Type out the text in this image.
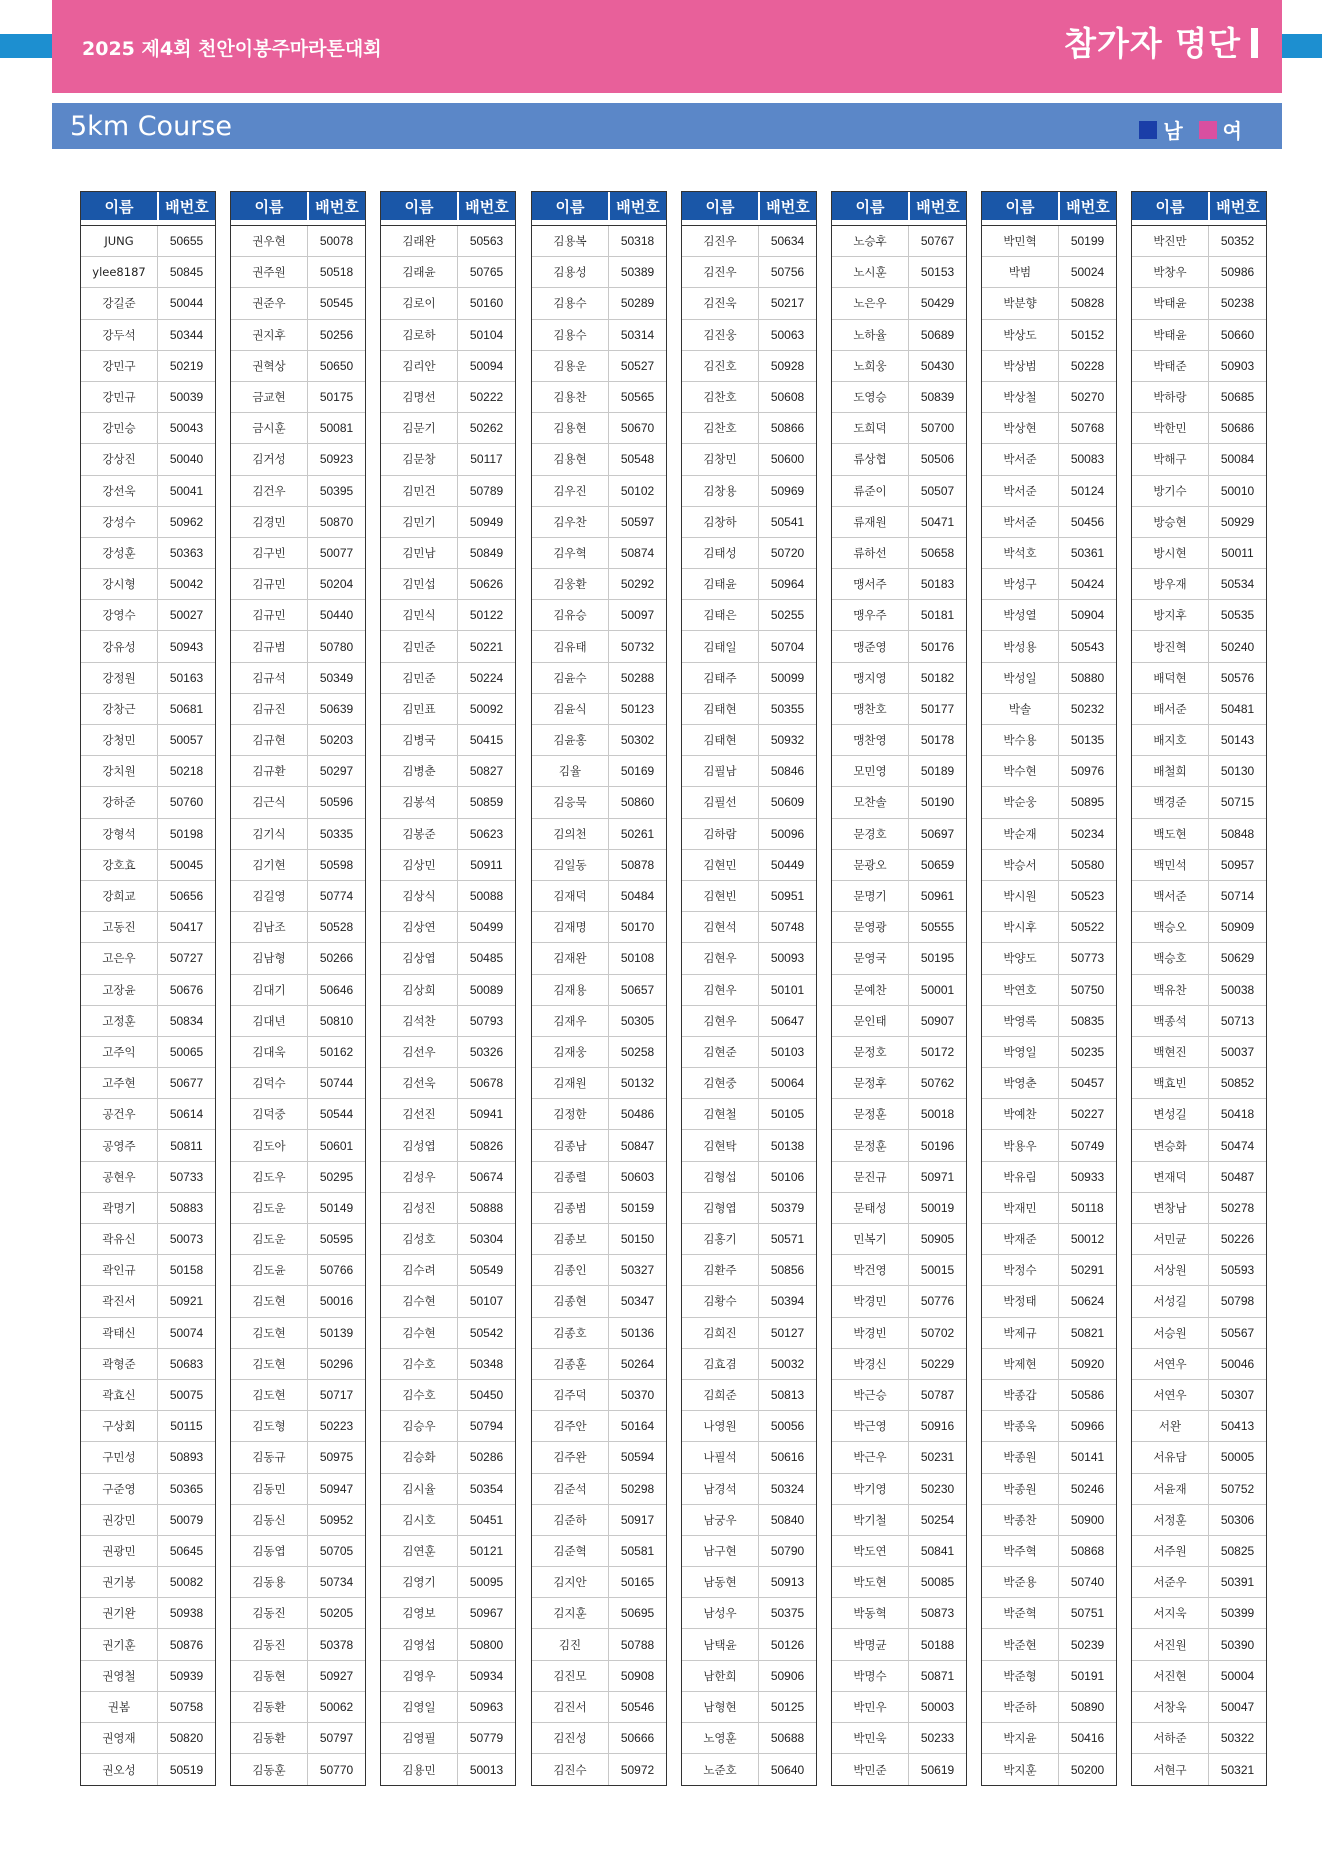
2025 제4회 천안이봉주마라톤대회	참가자 명단
5km Course	남 여
이름	배번호
JUNG	50655
ylee8187	50845
강길준	50044
강두석	50344
강민구	50219
강민규	50039
강민승	50043
강상진	50040
강선욱	50041
강성수	50962
강성훈	50363
강시형	50042
강영수	50027
강유성	50943
강정원	50163
강창근	50681
강청민	50057
강치원	50218
강하준	50760
강형석	50198
강호효	50045
강희교	50656
고동진	50417
고은우	50727
고장윤	50676
고정훈	50834
고주익	50065
고주현	50677
공건우	50614
공영주	50811
공현우	50733
곽명기	50883
곽유신	50073
곽인규	50158
곽진서	50921
곽태신	50074
곽형준	50683
곽효신	50075
구상회	50115
구민성	50893
구준영	50365
권강민	50079
권광민	50645
권기봉	50082
권기완	50938
권기훈	50876
권영철	50939
권봄	50758
권영재	50820
권오성	50519
이름	배번호
권우현	50078
권주원	50518
권준우	50545
권지후	50256
권혁상	50650
금교현	50175
금시훈	50081
김거성	50923
김건우	50395
김경민	50870
김구빈	50077
김규민	50204
김규민	50440
김규범	50780
김규석	50349
김규진	50639
김규현	50203
김규환	50297
김근식	50596
김기식	50335
김기현	50598
김길영	50774
김남조	50528
김남형	50266
김대기	50646
김대년	50810
김대욱	50162
김덕수	50744
김덕중	50544
김도아	50601
김도우	50295
김도운	50149
김도운	50595
김도윤	50766
김도현	50016
김도현	50139
김도현	50296
김도현	50717
김도형	50223
김동규	50975
김동민	50947
김동신	50952
김동엽	50705
김동용	50734
김동진	50205
김동진	50378
김동현	50927
김동환	50062
김동환	50797
김동훈	50770
이름	배번호
김래완	50563
김래윤	50765
김로이	50160
김로하	50104
김리안	50094
김명선	50222
김문기	50262
김문창	50117
김민건	50789
김민기	50949
김민남	50849
김민섭	50626
김민식	50122
김민준	50221
김민준	50224
김민표	50092
김병국	50415
김병춘	50827
김봉석	50859
김봉준	50623
김상민	50911
김상식	50088
김상연	50499
김상엽	50485
김상희	50089
김석찬	50793
김선우	50326
김선욱	50678
김선진	50941
김성엽	50826
김성우	50674
김성진	50888
김성호	50304
김수려	50549
김수현	50107
김수현	50542
김수호	50348
김수호	50450
김승우	50794
김승화	50286
김시율	50354
김시호	50451
김연훈	50121
김영기	50095
김영보	50967
김영섭	50800
김영우	50934
김영일	50963
김영필	50779
김용민	50013
이름	배번호
김용복	50318
김용성	50389
김용수	50289
김용수	50314
김용운	50527
김용찬	50565
김용현	50670
김용현	50548
김우진	50102
김우찬	50597
김우혁	50874
김웅환	50292
김유승	50097
김유태	50732
김윤수	50288
김윤식	50123
김윤홍	50302
김율	50169
김응묵	50860
김의천	50261
김일동	50878
김재덕	50484
김재명	50170
김재완	50108
김재용	50657
김재우	50305
김재웅	50258
김재원	50132
김정한	50486
김종남	50847
김종렬	50603
김종범	50159
김종보	50150
김종인	50327
김종현	50347
김종호	50136
김종훈	50264
김주덕	50370
김주안	50164
김주완	50594
김준석	50298
김준하	50917
김준혁	50581
김지안	50165
김지훈	50695
김진	50788
김진모	50908
김진서	50546
김진성	50666
김진수	50972
이름	배번호
김진우	50634
김진우	50756
김진욱	50217
김진웅	50063
김진호	50928
김찬호	50608
김찬호	50866
김창민	50600
김창용	50969
김창하	50541
김태성	50720
김태윤	50964
김태은	50255
김태일	50704
김태주	50099
김태현	50355
김태현	50932
김필남	50846
김필선	50609
김하람	50096
김현민	50449
김현빈	50951
김현석	50748
김현우	50093
김현우	50101
김현우	50647
김현준	50103
김현중	50064
김현철	50105
김현탁	50138
김형섭	50106
김형엽	50379
김홍기	50571
김환주	50856
김황수	50394
김희진	50127
김효겸	50032
김희준	50813
나영원	50056
나필석	50616
남경석	50324
남궁우	50840
남구현	50790
남동현	50913
남성우	50375
남택윤	50126
남한희	50906
남형현	50125
노영훈	50688
노준호	50640
이름	배번호
노승후	50767
노시훈	50153
노은우	50429
노하율	50689
노희웅	50430
도영승	50839
도희덕	50700
류상협	50506
류준이	50507
류재원	50471
류하선	50658
맹서주	50183
맹우주	50181
맹준영	50176
맹지영	50182
맹찬호	50177
맹찬영	50178
모민영	50189
모찬솔	50190
문경호	50697
문광오	50659
문명기	50961
문영광	50555
문영국	50195
문예찬	50001
문인태	50907
문정호	50172
문정후	50762
문정훈	50018
문정훈	50196
문진규	50971
문태성	50019
민복기	50905
박건영	50015
박경민	50776
박경빈	50702
박경신	50229
박근승	50787
박근영	50916
박근우	50231
박기영	50230
박기철	50254
박도연	50841
박도현	50085
박동혁	50873
박명균	50188
박명수	50871
박민우	50003
박민욱	50233
박민준	50619
이름	배번호
박민혁	50199
박범	50024
박분향	50828
박상도	50152
박상범	50228
박상철	50270
박상현	50768
박서준	50083
박서준	50124
박서준	50456
박석호	50361
박성구	50424
박성열	50904
박성용	50543
박성일	50880
박솔	50232
박수용	50135
박수현	50976
박순웅	50895
박순재	50234
박승서	50580
박시원	50523
박시후	50522
박양도	50773
박연호	50750
박영록	50835
박영일	50235
박영춘	50457
박예찬	50227
박용우	50749
박유림	50933
박재민	50118
박재준	50012
박정수	50291
박정태	50624
박제규	50821
박제현	50920
박종갑	50586
박종욱	50966
박종원	50141
박종원	50246
박종찬	50900
박주혁	50868
박준용	50740
박준혁	50751
박준현	50239
박준형	50191
박준하	50890
박지윤	50416
박지훈	50200
이름	배번호
박진만	50352
박창우	50986
박태윤	50238
박태윤	50660
박태준	50903
박하랑	50685
박한민	50686
박해구	50084
방기수	50010
방승현	50929
방시현	50011
방우재	50534
방지후	50535
방진혁	50240
배덕현	50576
배서준	50481
배지호	50143
배철희	50130
백경준	50715
백도현	50848
백민석	50957
백서준	50714
백승오	50909
백승호	50629
백유찬	50038
백종석	50713
백현진	50037
백효빈	50852
변성길	50418
변승화	50474
변재덕	50487
변창남	50278
서민균	50226
서상원	50593
서성길	50798
서승원	50567
서연우	50046
서연우	50307
서완	50413
서유담	50005
서윤재	50752
서정훈	50306
서주원	50825
서준우	50391
서지욱	50399
서진원	50390
서진현	50004
서창욱	50047
서하준	50322
서현구	50321
